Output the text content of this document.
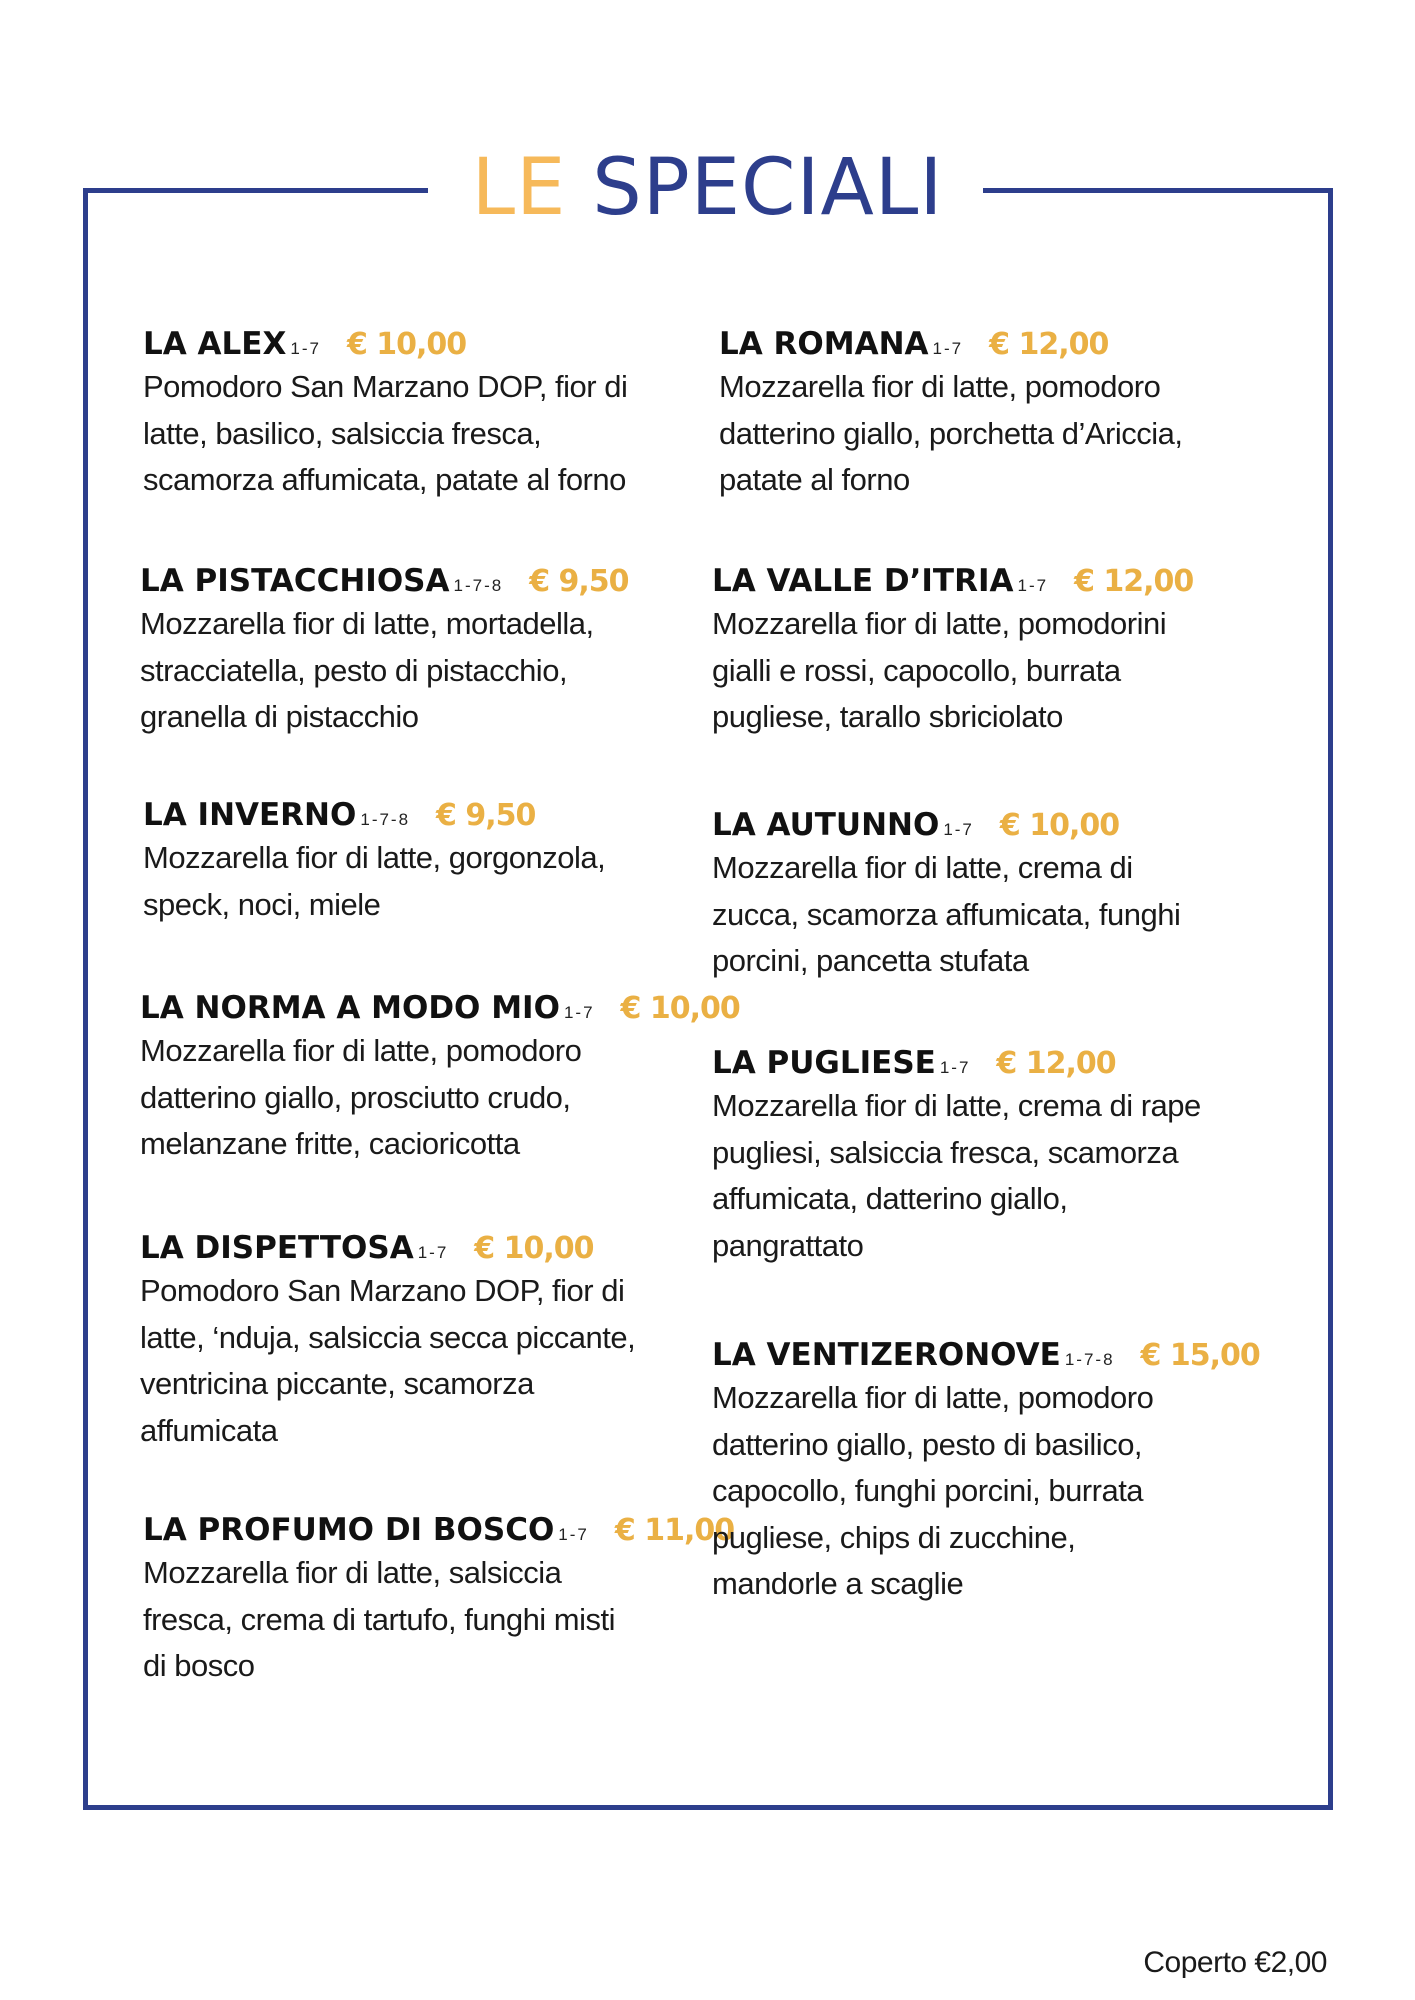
LE SPECIALI
LA ALEX 1-7 € 10,00
Pomodoro San Marzano DOP, fior di
latte, basilico, salsiccia fresca,
scamorza affumicata, patate al forno
LA PISTACCHIOSA 1-7-8 € 9,50
Mozzarella fior di latte, mortadella,
stracciatella, pesto di pistacchio,
granella di pistacchio
LA INVERNO 1-7-8 € 9,50
Mozzarella fior di latte, gorgonzola,
speck, noci, miele
LA NORMA A MODO MIO 1-7 € 10,00
Mozzarella fior di latte, pomodoro
datterino giallo, prosciutto crudo,
melanzane fritte, cacioricotta
LA DISPETTOSA 1-7 € 10,00
Pomodoro San Marzano DOP, fior di
latte, ‘nduja, salsiccia secca piccante,
ventricina piccante, scamorza
affumicata
LA PROFUMO DI BOSCO 1-7 € 11,00
Mozzarella fior di latte, salsiccia
fresca, crema di tartufo, funghi misti
di bosco
LA ROMANA 1-7 € 12,00
Mozzarella fior di latte, pomodoro
datterino giallo, porchetta d’Ariccia,
patate al forno
LA VALLE D’ITRIA 1-7 € 12,00
Mozzarella fior di latte, pomodorini
gialli e rossi, capocollo, burrata
pugliese, tarallo sbriciolato
LA AUTUNNO 1-7 € 10,00
Mozzarella fior di latte, crema di
zucca, scamorza affumicata, funghi
porcini, pancetta stufata
LA PUGLIESE 1-7 € 12,00
Mozzarella fior di latte, crema di rape
pugliesi, salsiccia fresca, scamorza
affumicata, datterino giallo,
pangrattato
LA VENTIZERONOVE 1-7-8 € 15,00
Mozzarella fior di latte, pomodoro
datterino giallo, pesto di basilico,
capocollo, funghi porcini, burrata
pugliese, chips di zucchine,
mandorle a scaglie
Coperto €2,00
